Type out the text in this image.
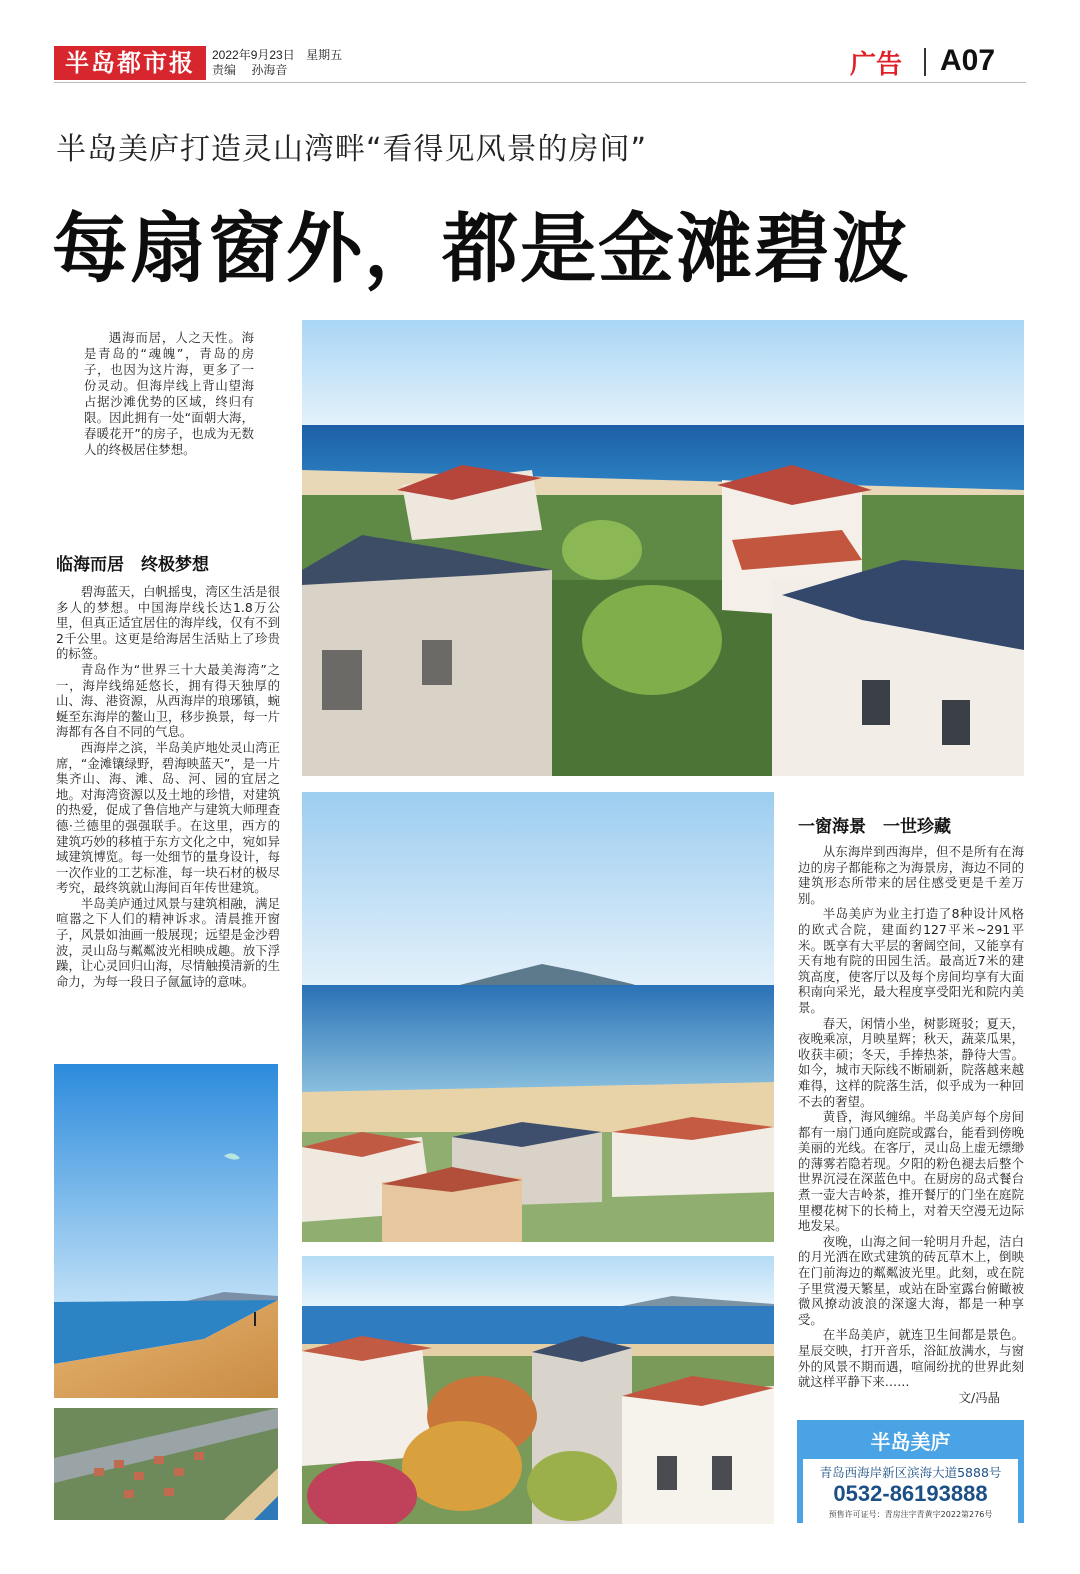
半岛都市报	2022年9月23日 星期五
责编 孙海音	广告 A07
半岛美庐打造灵山湾畔“看得见风景的房间”
每扇窗外，都是金滩碧波

遇海而居，人之天性。海是青岛的“魂魄”，青岛的房子，也因为这片海，更多了一份灵动。但海岸线上背山望海占据沙滩优势的区域，终归有限。因此拥有一处“面朝大海，春暖花开”的房子，也成为无数人的终极居住梦想。

临海而居　终极梦想

碧海蓝天，白帆摇曳，湾区生活是很多人的梦想。中国海岸线长达1.8万公里，但真正适宜居住的海岸线，仅有不到2千公里。这更是给海居生活贴上了珍贵的标签。

青岛作为“世界三十大最美海湾”之一，海岸线绵延悠长，拥有得天独厚的山、海、港资源，从西海岸的琅琊镇，蜿蜒至东海岸的鳌山卫，移步换景，每一片海都有各自不同的气息。

西海岸之滨，半岛美庐地处灵山湾正席，“金滩镶绿野，碧海映蓝天”，是一片集齐山、海、滩、岛、河、园的宜居之地。对海湾资源以及土地的珍惜，对建筑的热爱，促成了鲁信地产与建筑大师理查德·兰德里的强强联手。在这里，西方的建筑巧妙的移植于东方文化之中，宛如异域建筑博览。每一处细节的量身设计，每一次作业的工艺标准，每一块石材的极尽考究，最终筑就山海间百年传世建筑。

半岛美庐通过风景与建筑相融，满足喧嚣之下人们的精神诉求。清晨推开窗子，风景如油画一般展现；远望是金沙碧波，灵山岛与粼粼波光相映成趣。放下浮躁，让心灵回归山海，尽情触摸清新的生命力，为每一段日子氤氲诗的意味。

一窗海景　一世珍藏

从东海岸到西海岸，但不是所有在海边的房子都能称之为海景房，海边不同的建筑形态所带来的居住感受更是千差万别。

半岛美庐为业主打造了8种设计风格的欧式合院，建面约127平米~291平米。既享有大平层的奢阔空间，又能享有天有地有院的田园生活。最高近7米的建筑高度，使客厅以及每个房间均享有大面积南向采光，最大程度享受阳光和院内美景。

春天，闲情小坐，树影斑驳；夏天，夜晚乘凉，月映星辉；秋天，蔬菜瓜果，收获丰硕；冬天，手捧热茶，静待大雪。如今，城市天际线不断刷新，院落越来越难得，这样的院落生活，似乎成为一种回不去的奢望。

黄昏，海风缠绵。半岛美庐每个房间都有一扇门通向庭院或露台，能看到傍晚美丽的光线。在客厅，灵山岛上虚无缥缈的薄雾若隐若现。夕阳的粉色褪去后整个世界沉浸在深蓝色中。在厨房的岛式餐台煮一壶大吉岭茶，推开餐厅的门坐在庭院里樱花树下的长椅上，对着天空漫无边际地发呆。

夜晚，山海之间一轮明月升起，洁白的月光洒在欧式建筑的砖瓦草木上，倒映在门前海边的粼粼波光里。此刻，或在院子里赏漫天繁星，或站在卧室露台俯瞰被微风撩动波浪的深邃大海，都是一种享受。

在半岛美庐，就连卫生间都是景色。星辰交映，打开音乐，浴缸放满水，与窗外的风景不期而遇，喧闹纷扰的世界此刻就这样平静下来……

文/冯晶
半岛美庐
青岛西海岸新区滨海大道5888号
0532-86193888
预售许可证号：青房注字青黄字2022第276号
